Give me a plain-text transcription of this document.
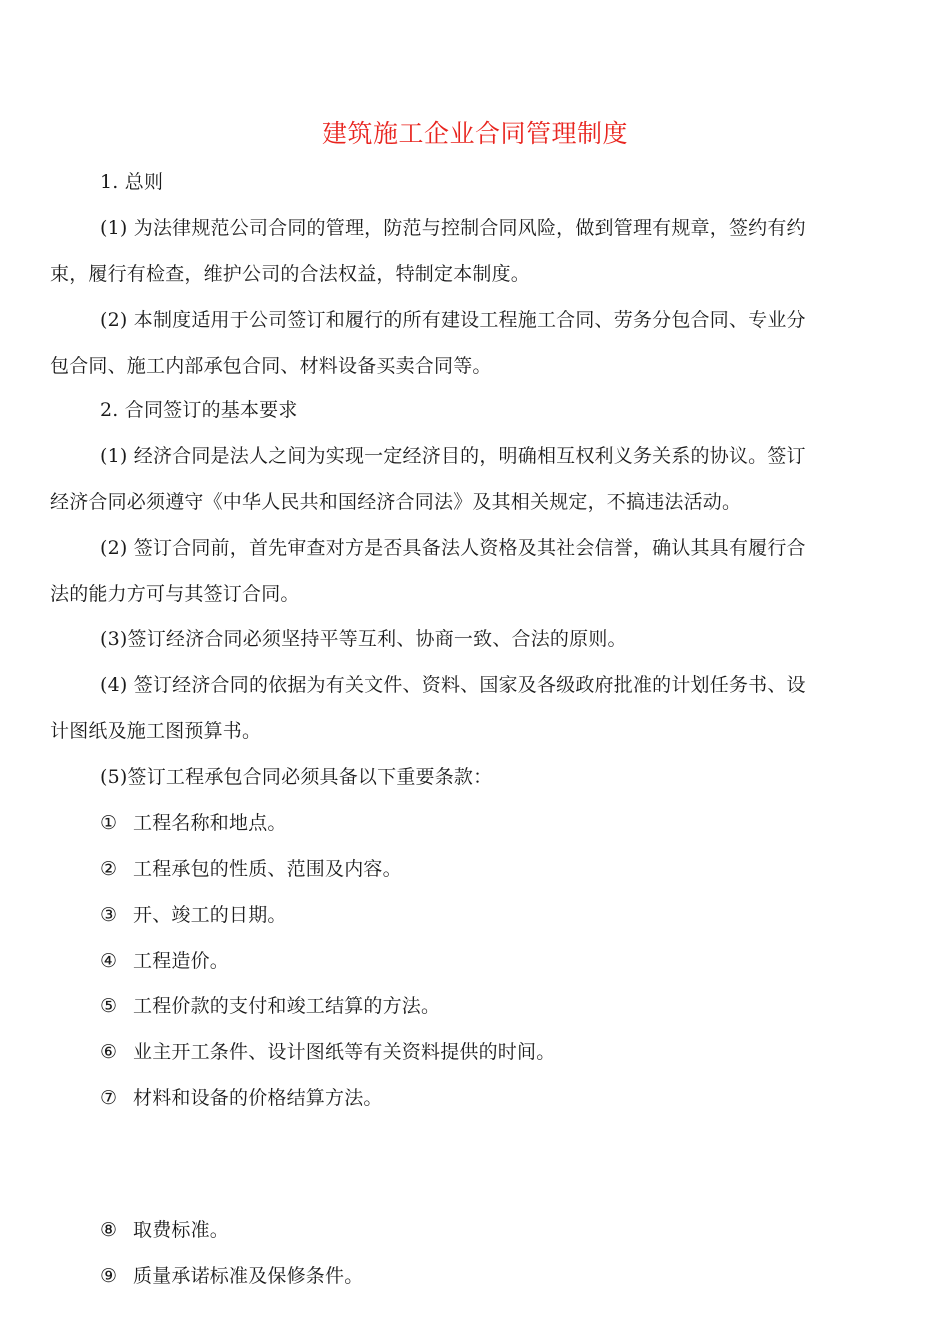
建筑施工企业合同管理制度
1. 总则
(1) 为法律规范公司合同的管理，防范与控制合同风险，做到管理有规章，签约有约
束，履行有检查，维护公司的合法权益，特制定本制度。
(2) 本制度适用于公司签订和履行的所有建设工程施工合同、劳务分包合同、专业分
包合同、施工内部承包合同、材料设备买卖合同等。
2. 合同签订的基本要求
(1) 经济合同是法人之间为实现一定经济目的，明确相互权利义务关系的协议。签订
经济合同必须遵守《中华人民共和国经济合同法》及其相关规定，不搞违法活动。
(2) 签订合同前，首先审查对方是否具备法人资格及其社会信誉，确认其具有履行合
法的能力方可与其签订合同。
(3)签订经济合同必须坚持平等互利、协商一致、合法的原则。
(4) 签订经济合同的依据为有关文件、资料、国家及各级政府批准的计划任务书、设
计图纸及施工图预算书。
(5)签订工程承包合同必须具备以下重要条款：
① 工程名称和地点。
② 工程承包的性质、范围及内容。
③ 开、竣工的日期。
④ 工程造价。
⑤ 工程价款的支付和竣工结算的方法。
⑥ 业主开工条件、设计图纸等有关资料提供的时间。
⑦ 材料和设备的价格结算方法。
⑧ 取费标准。
⑨ 质量承诺标准及保修条件。
